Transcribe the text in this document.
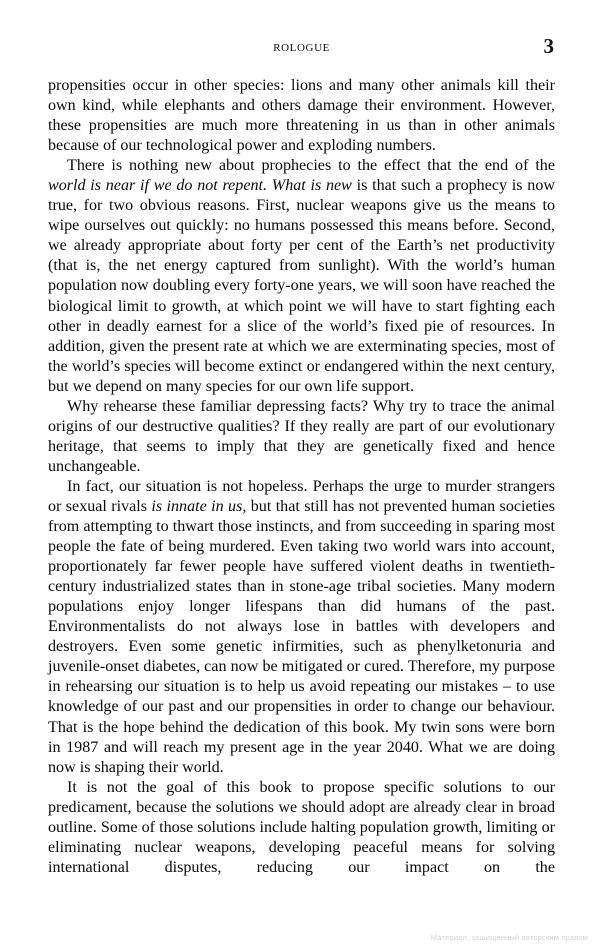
prologue	3

propensities occur in other species: lions and many other animals kill their own kind, while elephants and others damage their environment. However, these propensities are much more threatening in us than in other animals because of our technological power and exploding numbers.

There is nothing new about prophecies to the effect that the end of the world is near if we do not repent. What is new is that such a prophecy is now true, for two obvious reasons. First, nuclear weapons give us the means to wipe ourselves out quickly: no humans possessed this means before. Second, we already appropriate about forty per cent of the Earth’s net productivity (that is, the net energy captured from sunlight). With the world’s human population now doubling every forty-one years, we will soon have reached the biological limit to growth, at which point we will have to start fighting each other in deadly earnest for a slice of the world’s fixed pie of resources. In addition, given the present rate at which we are exterminating species, most of the world’s species will become extinct or endangered within the next century, but we depend on many species for our own life support.

Why rehearse these familiar depressing facts? Why try to trace the animal origins of our destructive qualities? If they really are part of our evolutionary heritage, that seems to imply that they are genetically fixed and hence unchangeable.

In fact, our situation is not hopeless. Perhaps the urge to murder strangers or sexual rivals is innate in us, but that still has not prevented human societies from attempting to thwart those instincts, and from succeeding in sparing most people the fate of being murdered. Even taking two world wars into account, proportionately far fewer people have suffered violent deaths in twentieth-century industrialized states than in stone-age tribal societies. Many modern populations enjoy longer lifespans than did humans of the past. Environmentalists do not always lose in battles with developers and destroyers. Even some genetic infirmities, such as phenylketonuria and juvenile-onset diabetes, can now be mitigated or cured. Therefore, my purpose in rehearsing our situation is to help us avoid repeating our mistakes – to use knowledge of our past and our propensities in order to change our behaviour. That is the hope behind the dedication of this book. My twin sons were born in 1987 and will reach my present age in the year 2040. What we are doing now is shaping their world.

It is not the goal of this book to propose specific solutions to our predicament, because the solutions we should adopt are already clear in broad outline. Some of those solutions include halting population growth, limiting or eliminating nuclear weapons, developing peaceful means for solving international disputes, reducing our impact on the

Материал, защищенный авторским правом
